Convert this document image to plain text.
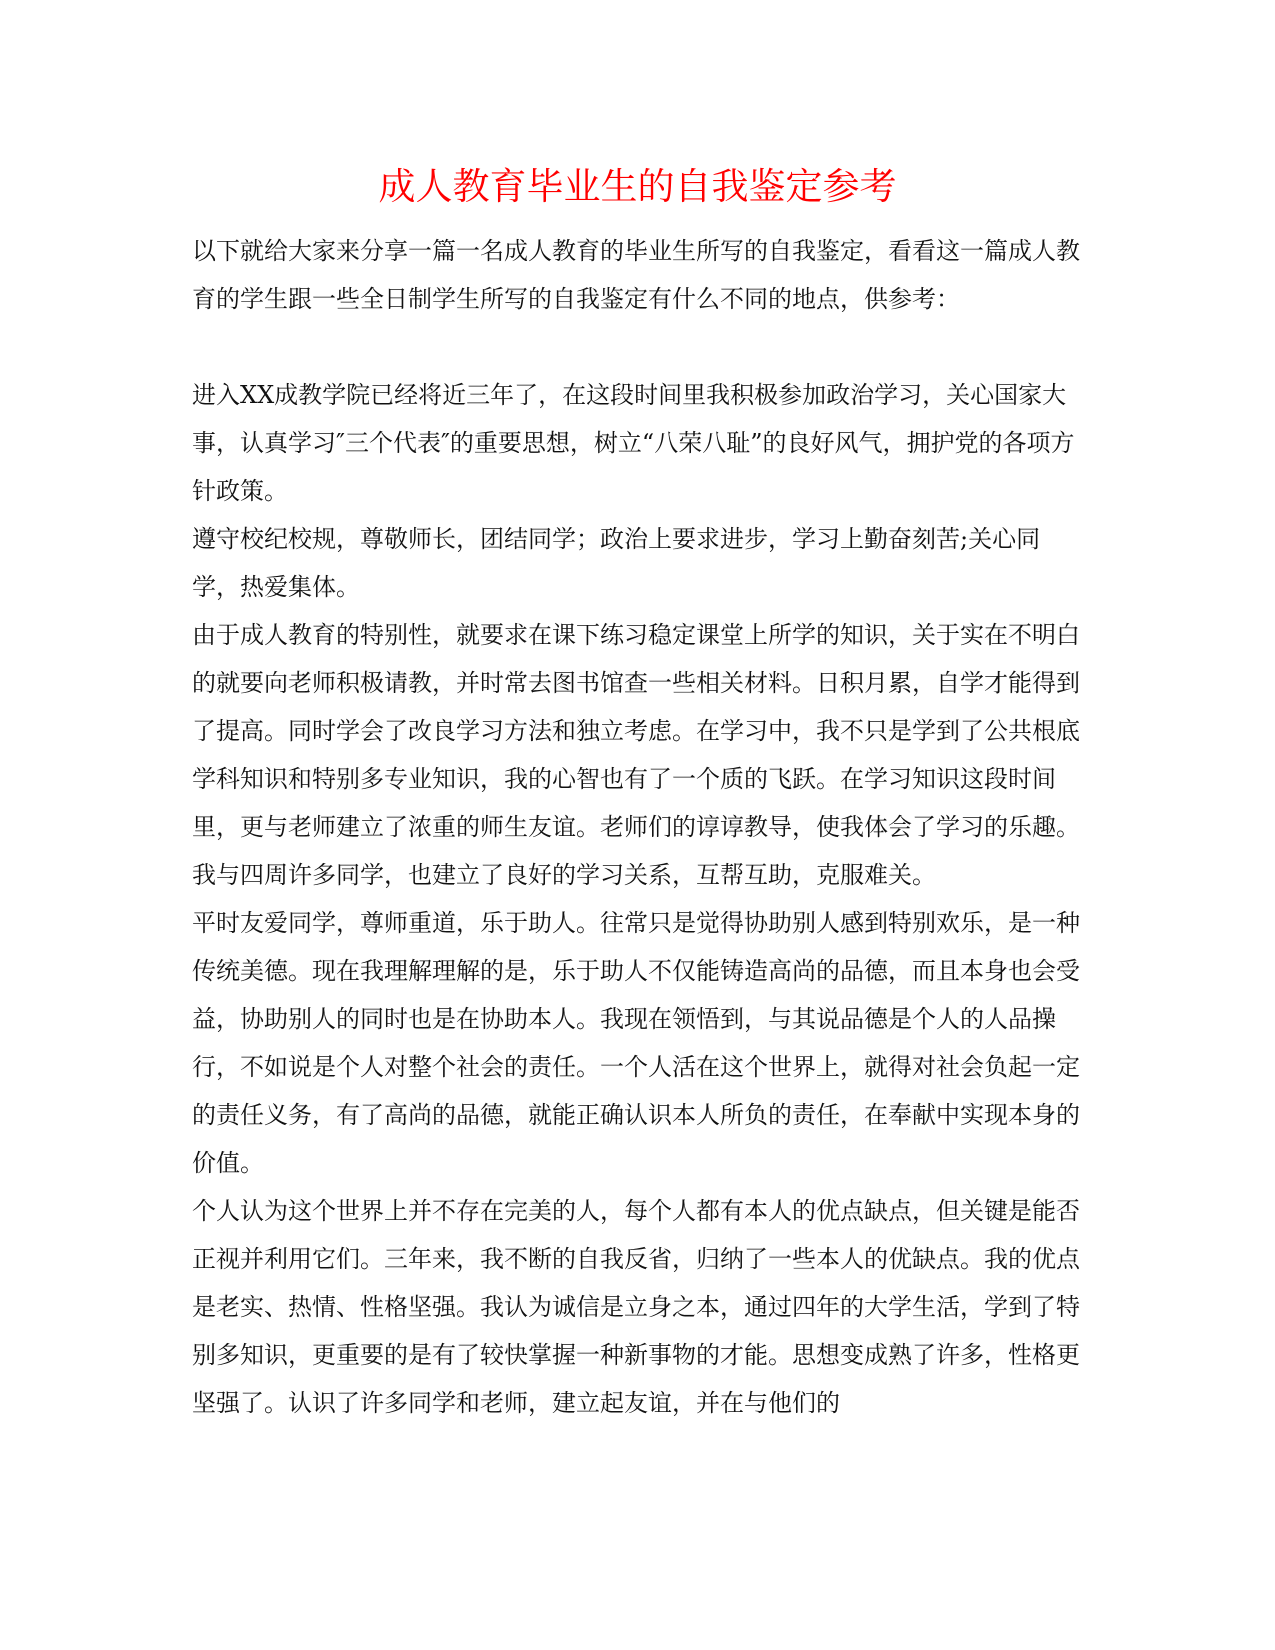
成人教育毕业生的自我鉴定参考

以下就给大家来分享一篇一名成人教育的毕业生所写的自我鉴定，看看这一篇成人教育的学生跟一些全日制学生所写的自我鉴定有什么不同的地点，供参考：

进入XX成教学院已经将近三年了，在这段时间里我积极参加政治学习，关心国家大事，认真学习″三个代表″的重要思想，树立“八荣八耻”的良好风气，拥护党的各项方针政策。

遵守校纪校规，尊敬师长，团结同学；政治上要求进步，学习上勤奋刻苦;关心同学，热爱集体。

由于成人教育的特别性，就要求在课下练习稳定课堂上所学的知识，关于实在不明白的就要向老师积极请教，并时常去图书馆查一些相关材料。日积月累，自学才能得到了提高。同时学会了改良学习方法和独立考虑。在学习中，我不只是学到了公共根底学科知识和特别多专业知识，我的心智也有了一个质的飞跃。在学习知识这段时间里，更与老师建立了浓重的师生友谊。老师们的谆谆教导，使我体会了学习的乐趣。我与四周许多同学，也建立了良好的学习关系，互帮互助，克服难关。

平时友爱同学，尊师重道，乐于助人。往常只是觉得协助别人感到特别欢乐，是一种传统美德。现在我理解理解的是，乐于助人不仅能铸造高尚的品德，而且本身也会受益，协助别人的同时也是在协助本人。我现在领悟到，与其说品德是个人的人品操行，不如说是个人对整个社会的责任。一个人活在这个世界上，就得对社会负起一定的责任义务，有了高尚的品德，就能正确认识本人所负的责任，在奉献中实现本身的价值。

个人认为这个世界上并不存在完美的人，每个人都有本人的优点缺点，但关键是能否正视并利用它们。三年来，我不断的自我反省，归纳了一些本人的优缺点。我的优点是老实、热情、性格坚强。我认为诚信是立身之本，通过四年的大学生活，学到了特别多知识，更重要的是有了较快掌握一种新事物的才能。思想变成熟了许多，性格更坚强了。认识了许多同学和老师，建立起友谊，并在与他们的
